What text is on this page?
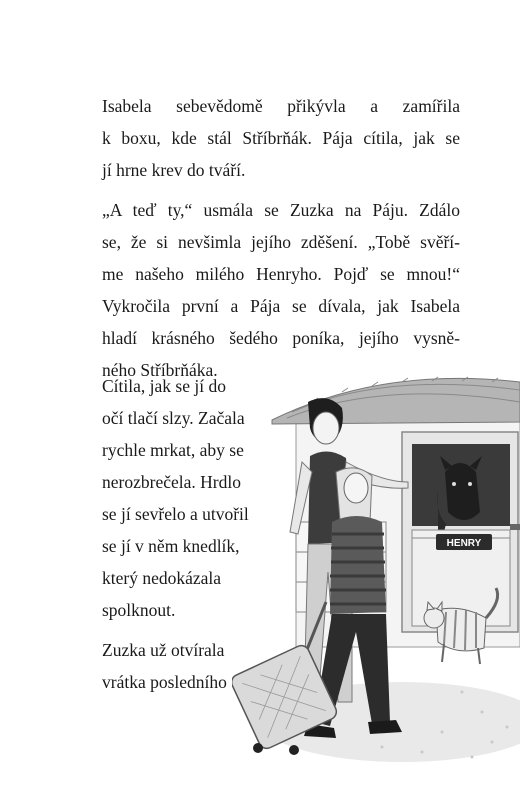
Isabela sebevědomě přikývla a zamířila
k boxu, kde stál Stříbrňák. Pája cítila, jak se
jí hrne krev do tváří.

„A teď ty,“ usmála se Zuzka na Páju. Zdálo
se, že si nevšimla jejího zděšení. „Tobě svěří-
me našeho milého Henryho. Pojď se mnou!“
Vykročila první a Pája se dívala, jak Isabela
hladí krásného šedého poníka, jejího vysně-
ného Stříbrňáka.

Cítila, jak se jí do
očí tlačí slzy. Začala
rychle mrkat, aby se
nerozbrečela. Hrdlo
se jí sevřelo a utvořil
se jí v něm knedlík,
který nedokázala
spolknout.

Zuzka už otvírala
vrátka posledního

HENRY
